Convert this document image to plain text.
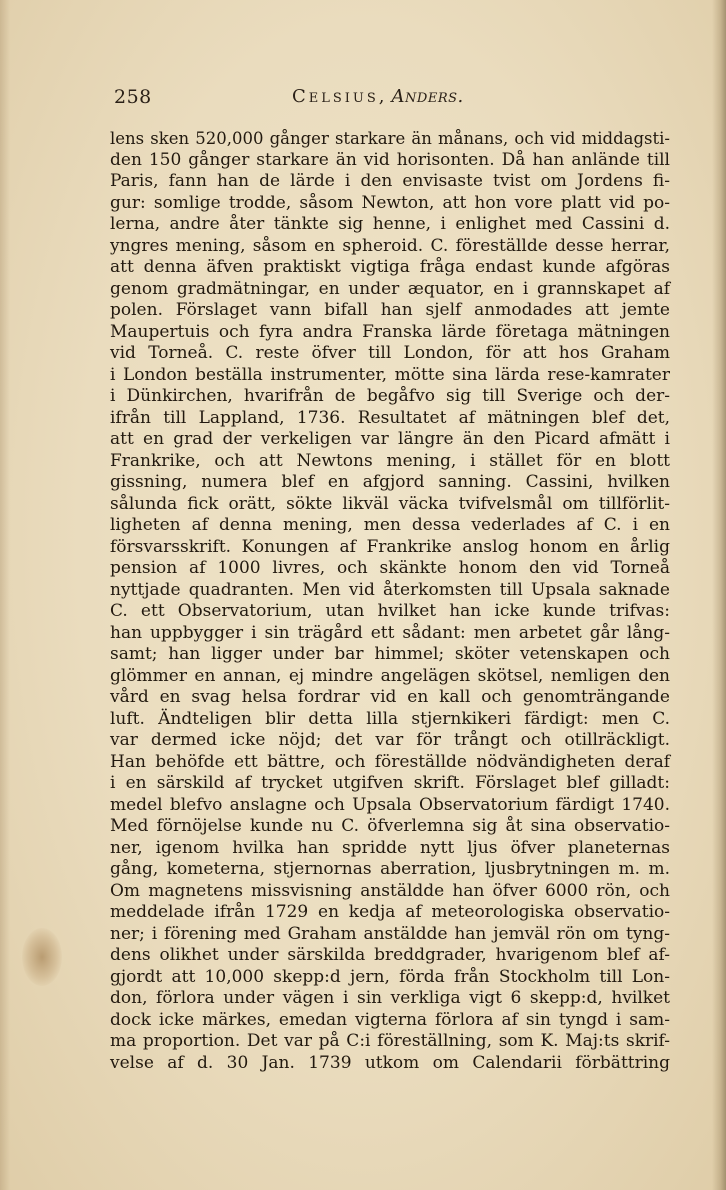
258	Celsius, Anders.
lens sken 520,000 gånger starkare än månans, och vid middagsti-
den 150 gånger starkare än vid horisonten. Då han anlände till
Paris, fann han de lärde i den envisaste tvist om Jordens fi-
gur: somlige trodde, såsom Newton, att hon vore platt vid po-
lerna, andre åter tänkte sig henne, i enlighet med Cassini d.
yngres mening, såsom en spheroid. C. föreställde desse herrar,
att denna äfven praktiskt vigtiga fråga endast kunde afgöras
genom gradmätningar, en under æquator, en i grannskapet af
polen. Förslaget vann bifall han sjelf anmodades att jemte
Maupertuis och fyra andra Franska lärde företaga mätningen
vid Torneå. C. reste öfver till London, för att hos Graham
i London beställa instrumenter, mötte sina lärda rese-kamrater
i Dünkirchen, hvarifrån de begåfvo sig till Sverige och der-
ifrån till Lappland, 1736. Resultatet af mätningen blef det,
att en grad der verkeligen var längre än den Picard afmätt i
Frankrike, och att Newtons mening, i stället för en blott
gissning, numera blef en afgjord sanning. Cassini, hvilken
sålunda fick orätt, sökte likväl väcka tvifvelsmål om tillförlit-
ligheten af denna mening, men dessa vederlades af C. i en
försvarsskrift. Konungen af Frankrike anslog honom en årlig
pension af 1000 livres, och skänkte honom den vid Torneå
nyttjade quadranten. Men vid återkomsten till Upsala saknade
C. ett Observatorium, utan hvilket han icke kunde trifvas:
han uppbygger i sin trägård ett sådant: men arbetet går lång-
samt; han ligger under bar himmel; sköter vetenskapen och
glömmer en annan, ej mindre angelägen skötsel, nemligen den
vård en svag helsa fordrar vid en kall och genomträngande
luft. Ändteligen blir detta lilla stjernkikeri färdigt: men C.
var dermed icke nöjd; det var för trångt och otillräckligt.
Han behöfde ett bättre, och föreställde nödvändigheten deraf
i en särskild af trycket utgifven skrift. Förslaget blef gilladt:
medel blefvo anslagne och Upsala Observatorium färdigt 1740.
Med förnöjelse kunde nu C. öfverlemna sig åt sina observatio-
ner, igenom hvilka han spridde nytt ljus öfver planeternas
gång, kometerna, stjernornas aberration, ljusbrytningen m. m.
Om magnetens missvisning anstäldde han öfver 6000 rön, och
meddelade ifrån 1729 en kedja af meteorologiska observatio-
ner; i förening med Graham anstäldde han jemväl rön om tyng-
dens olikhet under särskilda breddgrader, hvarigenom blef af-
gjordt att 10,000 skepp:d jern, förda från Stockholm till Lon-
don, förlora under vägen i sin verkliga vigt 6 skepp:d, hvilket
dock icke märkes, emedan vigterna förlora af sin tyngd i sam-
ma proportion. Det var på C:i föreställning, som K. Maj:ts skrif-
velse af d. 30 Jan. 1739 utkom om Calendarii förbättring
